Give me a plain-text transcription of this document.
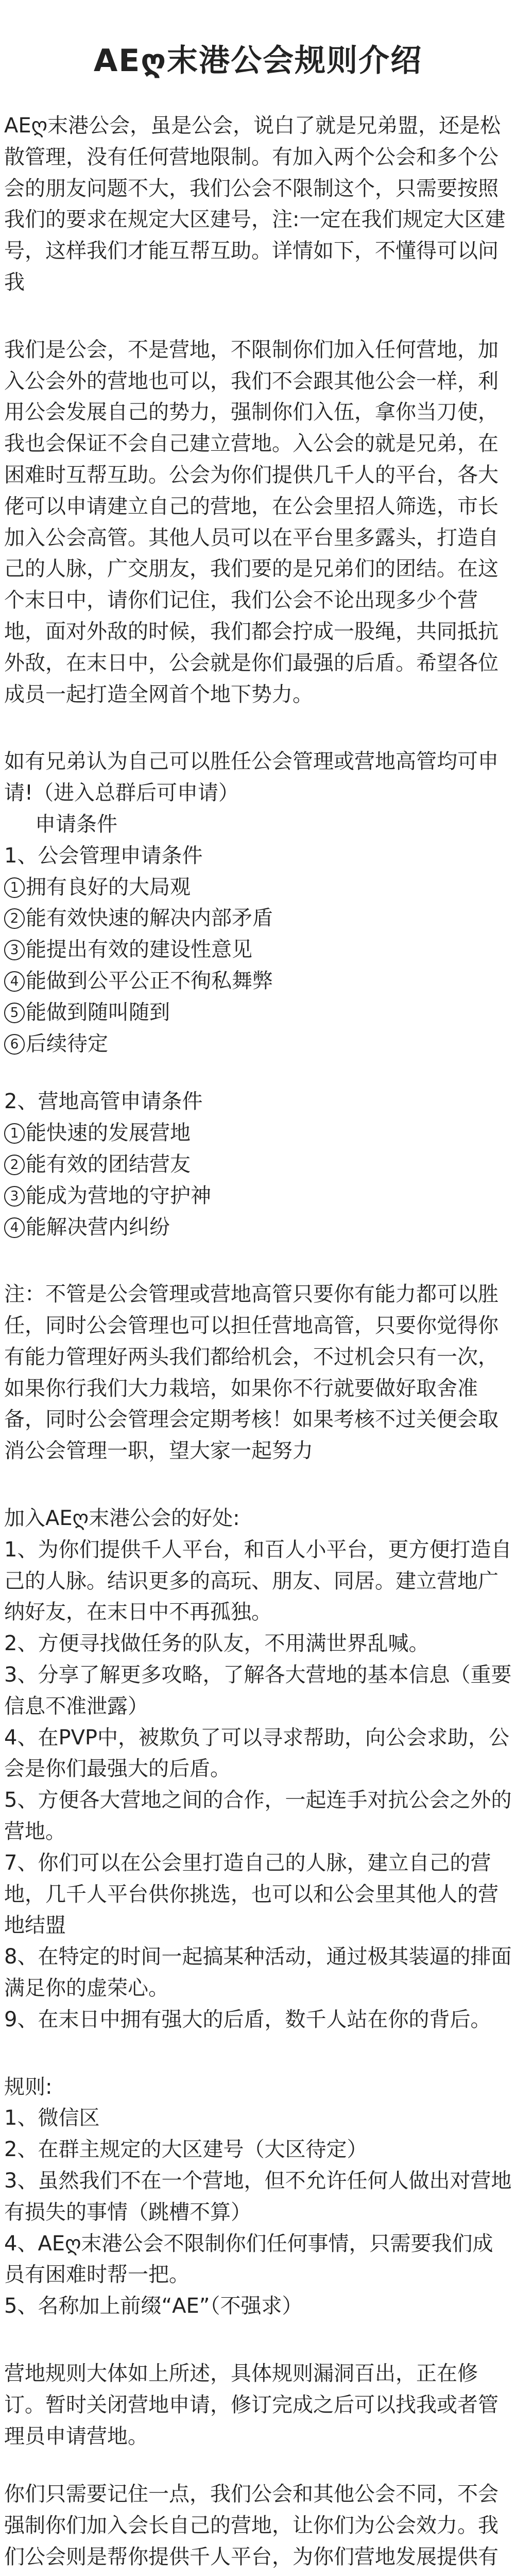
AEღ末港公会规则介绍

AEღ末港公会，虽是公会，说白了就是兄弟盟，还是松散管理，没有任何营地限制。有加入两个公会和多个公会的朋友问题不大，我们公会不限制这个，只需要按照我们的要求在规定大区建号，注:一定在我们规定大区建号，这样我们才能互帮互助。详情如下，不懂得可以问我

我们是公会，不是营地，不限制你们加入任何营地，加入公会外的营地也可以，我们不会跟其他公会一样，利用公会发展自己的势力，强制你们入伍，拿你当刀使，我也会保证不会自己建立营地。入公会的就是兄弟，在困难时互帮互助。公会为你们提供几千人的平台，各大佬可以申请建立自己的营地，在公会里招人筛选，市长加入公会高管。其他人员可以在平台里多露头，打造自己的人脉，广交朋友，我们要的是兄弟们的团结。在这个末日中，请你们记住，我们公会不论出现多少个营地，面对外敌的时候，我们都会拧成一股绳，共同抵抗外敌，在末日中，公会就是你们最强的后盾。希望各位成员一起打造全网首个地下势力。

如有兄弟认为自己可以胜任公会管理或营地高管均可申请!（进入总群后可申请）

申请条件

1、公会管理申请条件

1 拥有良好的大局观

2 能有效快速的解决内部矛盾

3 能提出有效的建设性意见

4 能做到公平公正不徇私舞弊

5 能做到随叫随到

6 后续待定

2、营地高管申请条件

1 能快速的发展营地

2 能有效的团结营友

3 能成为营地的守护神

4 能解决营内纠纷

注：不管是公会管理或营地高管只要你有能力都可以胜任，同时公会管理也可以担任营地高管，只要你觉得你有能力管理好两头我们都给机会，不过机会只有一次，如果你行我们大力栽培，如果你不行就要做好取舍准备，同时公会管理会定期考核！如果考核不过关便会取消公会管理一职，望大家一起努力

加入AEღ末港公会的好处:

1、为你们提供千人平台，和百人小平台，更方便打造自己的人脉。结识更多的高玩、朋友、同居。建立营地广纳好友，在末日中不再孤独。

2、方便寻找做任务的队友，不用满世界乱喊。

3、分享了解更多攻略，了解各大营地的基本信息（重要信息不准泄露）

4、在PVP中，被欺负了可以寻求帮助，向公会求助，公会是你们最强大的后盾。

5、方便各大营地之间的合作，一起连手对抗公会之外的营地。

7、你们可以在公会里打造自己的人脉，建立自己的营地，几千人平台供你挑选，也可以和公会里其他人的营地结盟

8、在特定的时间一起搞某种活动，通过极其装逼的排面满足你的虚荣心。

9、在末日中拥有强大的后盾，数千人站在你的背后。

规则:

1、微信区

2、在群主规定的大区建号（大区待定）

3、虽然我们不在一个营地，但不允许任何人做出对营地有损失的事情（跳槽不算）

4、AEღ末港公会不限制你们任何事情，只需要我们成员有困难时帮一把。

5、名称加上前缀“AE”（不强求）

营地规则大体如上所述，具体规则漏洞百出，正在修订。暂时关闭营地申请，修订完成之后可以找我或者管理员申请营地。

你们只需要记住一点，我们公会和其他公会不同，不会强制你们加入会长自己的营地，让你们为公会效力。我们公会则是帮你提供千人平台，为你们营地发展提供有
